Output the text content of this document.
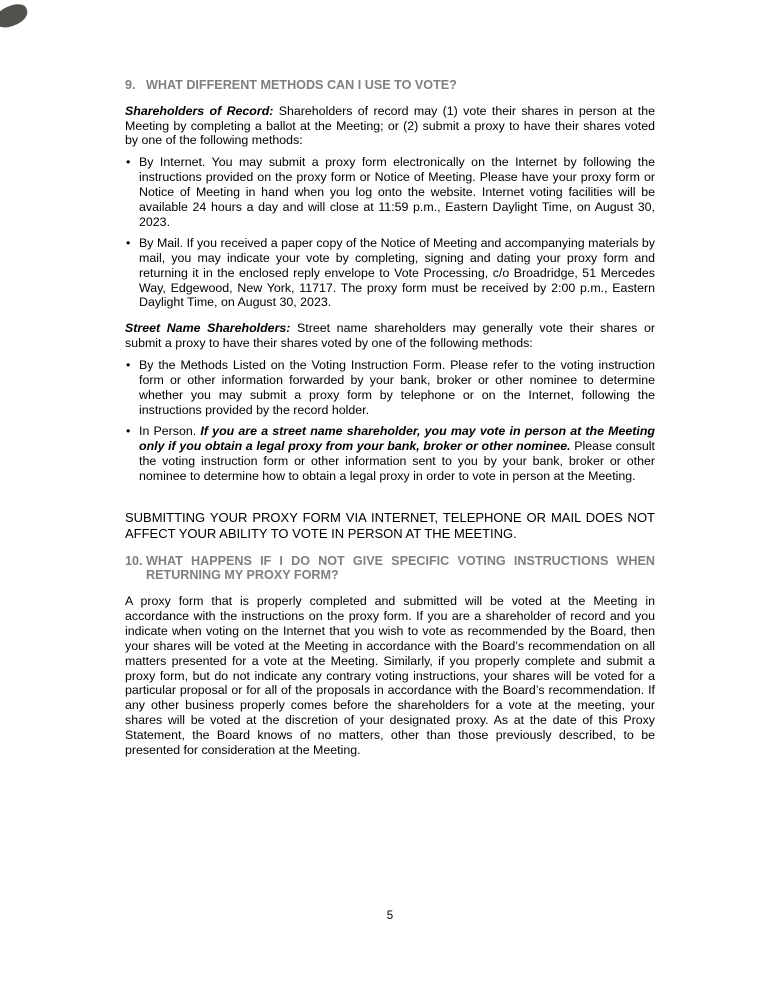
9. WHAT DIFFERENT METHODS CAN I USE TO VOTE?

Shareholders of Record: Shareholders of record may (1) vote their shares in person at the Meeting by completing a ballot at the Meeting; or (2) submit a proxy to have their shares voted by one of the following methods:

• By Internet. You may submit a proxy form electronically on the Internet by following the instructions provided on the proxy form or Notice of Meeting. Please have your proxy form or Notice of Meeting in hand when you log onto the website. Internet voting facilities will be available 24 hours a day and will close at 11:59 p.m., Eastern Daylight Time, on August 30, 2023.
• By Mail. If you received a paper copy of the Notice of Meeting and accompanying materials by mail, you may indicate your vote by completing, signing and dating your proxy form and returning it in the enclosed reply envelope to Vote Processing, c/o Broadridge, 51 Mercedes Way, Edgewood, New York, 11717. The proxy form must be received by 2:00 p.m., Eastern Daylight Time, on August 30, 2023.

Street Name Shareholders: Street name shareholders may generally vote their shares or submit a proxy to have their shares voted by one of the following methods:

• By the Methods Listed on the Voting Instruction Form. Please refer to the voting instruction form or other information forwarded by your bank, broker or other nominee to determine whether you may submit a proxy form by telephone or on the Internet, following the instructions provided by the record holder.
• In Person. If you are a street name shareholder, you may vote in person at the Meeting only if you obtain a legal proxy from your bank, broker or other nominee. Please consult the voting instruction form or other information sent to you by your bank, broker or other nominee to determine how to obtain a legal proxy in order to vote in person at the Meeting.

SUBMITTING YOUR PROXY FORM VIA INTERNET, TELEPHONE OR MAIL DOES NOT AFFECT YOUR ABILITY TO VOTE IN PERSON AT THE MEETING.

10. WHAT HAPPENS IF I DO NOT GIVE SPECIFIC VOTING INSTRUCTIONS WHEN RETURNING MY PROXY FORM?

A proxy form that is properly completed and submitted will be voted at the Meeting in accordance with the instructions on the proxy form. If you are a shareholder of record and you indicate when voting on the Internet that you wish to vote as recommended by the Board, then your shares will be voted at the Meeting in accordance with the Board’s recommendation on all matters presented for a vote at the Meeting. Similarly, if you properly complete and submit a proxy form, but do not indicate any contrary voting instructions, your shares will be voted for a particular proposal or for all of the proposals in accordance with the Board’s recommendation. If any other business properly comes before the shareholders for a vote at the meeting, your shares will be voted at the discretion of your designated proxy. As at the date of this Proxy Statement, the Board knows of no matters, other than those previously described, to be presented for consideration at the Meeting.

5
